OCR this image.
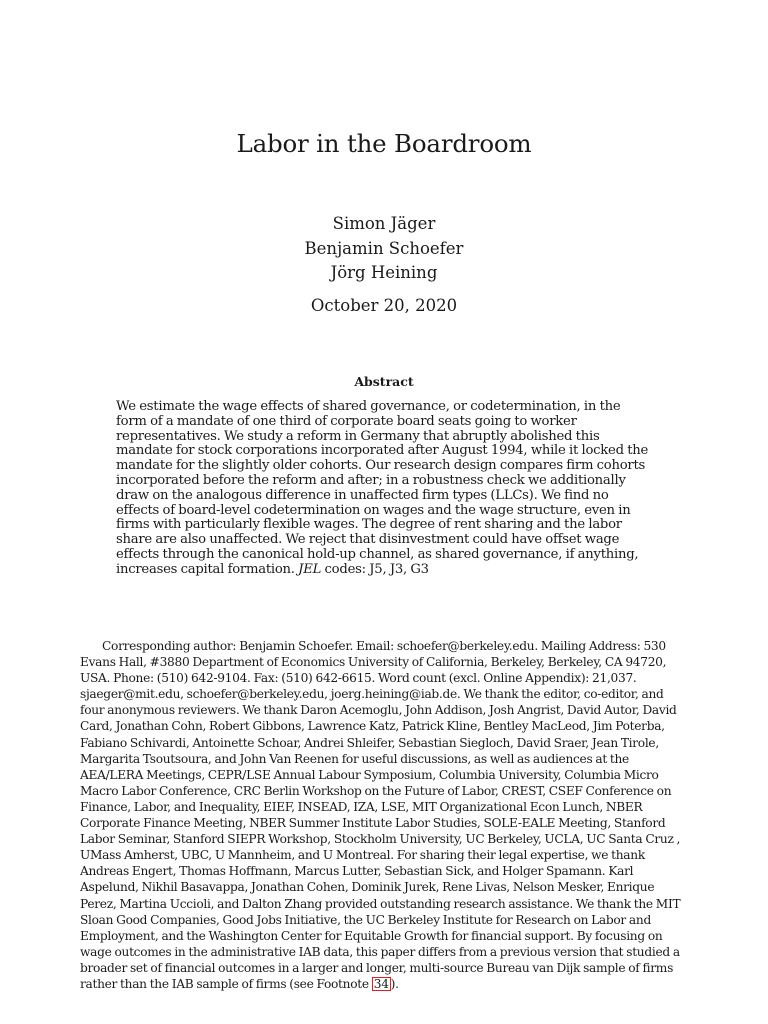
Labor in the Boardroom
Simon Jäger
Benjamin Schoefer
Jörg Heining
October 20, 2020
Abstract
We estimate the wage effects of shared governance, or codetermination, in the form of a mandate of one third of corporate board seats going to worker representatives. We study a reform in Germany that abruptly abolished this mandate for stock corporations incorporated after August 1994, while it locked the mandate for the slightly older cohorts. Our research design compares firm cohorts incorporated before the reform and after; in a robustness check we additionally draw on the analogous difference in unaffected firm types (LLCs). We find no effects of board-level codetermination on wages and the wage structure, even in firms with particularly flexible wages. The degree of rent sharing and the labor share are also unaffected. We reject that disinvestment could have offset wage effects through the canonical hold-up channel, as shared governance, if anything, increases capital formation. JEL codes: J5, J3, G3
Corresponding author: Benjamin Schoefer. Email: schoefer@berkeley.edu. Mailing Address: 530 Evans Hall, #3880 Department of Economics University of California, Berkeley, Berkeley, CA 94720, USA. Phone: (510) 642-9104. Fax: (510) 642-6615. Word count (excl. Online Appendix): 21,037. sjaeger@mit.edu, schoefer@berkeley.edu, joerg.heining@iab.de. We thank the editor, co-editor, and four anonymous reviewers. We thank Daron Acemoglu, John Addison, Josh Angrist, David Autor, David Card, Jonathan Cohn, Robert Gibbons, Lawrence Katz, Patrick Kline, Bentley MacLeod, Jim Poterba, Fabiano Schivardi, Antoinette Schoar, Andrei Shleifer, Sebastian Siegloch, David Sraer, Jean Tirole, Margarita Tsoutsoura, and John Van Reenen for useful discussions, as well as audiences at the AEA/LERA Meetings, CEPR/LSE Annual Labour Symposium, Columbia University, Columbia Micro Macro Labor Conference, CRC Berlin Workshop on the Future of Labor, CREST, CSEF Conference on Finance, Labor, and Inequality, EIEF, INSEAD, IZA, LSE, MIT Organizational Econ Lunch, NBER Corporate Finance Meeting, NBER Summer Institute Labor Studies, SOLE-EALE Meeting, Stanford Labor Seminar, Stanford SIEPR Workshop, Stockholm University, UC Berkeley, UCLA, UC Santa Cruz , UMass Amherst, UBC, U Mannheim, and U Montreal. For sharing their legal expertise, we thank Andreas Engert, Thomas Hoffmann, Marcus Lutter, Sebastian Sick, and Holger Spamann. Karl Aspelund, Nikhil Basavappa, Jonathan Cohen, Dominik Jurek, Rene Livas, Nelson Mesker, Enrique Perez, Martina Uccioli, and Dalton Zhang provided outstanding research assistance. We thank the MIT Sloan Good Companies, Good Jobs Initiative, the UC Berkeley Institute for Research on Labor and Employment, and the Washington Center for Equitable Growth for financial support. By focusing on wage outcomes in the administrative IAB data, this paper differs from a previous version that studied a broader set of financial outcomes in a larger and longer, multi-source Bureau van Dijk sample of firms rather than the IAB sample of firms (see Footnote 34 ).
